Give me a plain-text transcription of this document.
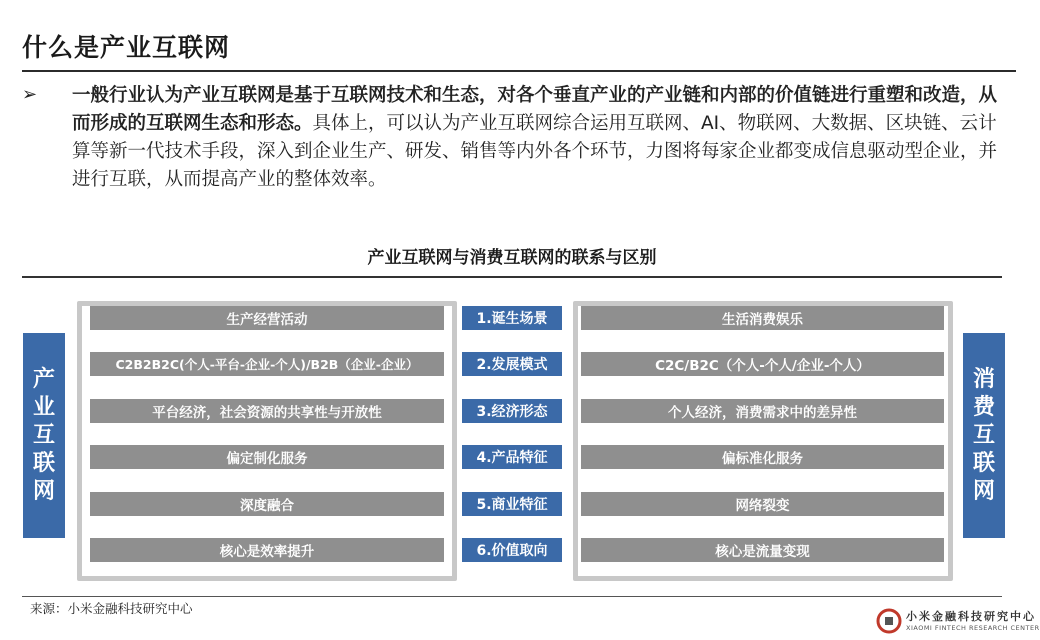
什么是产业互联网
➢ 一般行业认为产业互联网是基于互联网技术和生态，对各个垂直产业的产业链和内部的价值链进行重塑和改造，从而形成的互联网生态和形态。具体上，可以认为产业互联网综合运用互联网、AI、物联网、大数据、区块链、云计算等新一代技术手段，深入到企业生产、研发、销售等内外各个环节，力图将每家企业都变成信息驱动型企业，并进行互联，从而提高产业的整体效率。
产业互联网与消费互联网的联系与区别
产
业
互
联
网
消
费
互
联
网
生产经营活动	1.诞生场景	生活消费娱乐
C2B2B2C(个人-平台-企业-个人)/B2B（企业-企业）	2.发展模式	C2C/B2C（个人-个人/企业-个人）
平台经济，社会资源的共享性与开放性	3.经济形态	个人经济，消费需求中的差异性
偏定制化服务	4.产品特征	偏标准化服务
深度融合	5.商业特征	网络裂变
核心是效率提升	6.价值取向	核心是流量变现
来源：小米金融科技研究中心
小米金融科技研究中心
XIAOMI FINTECH RESEARCH CENTER
